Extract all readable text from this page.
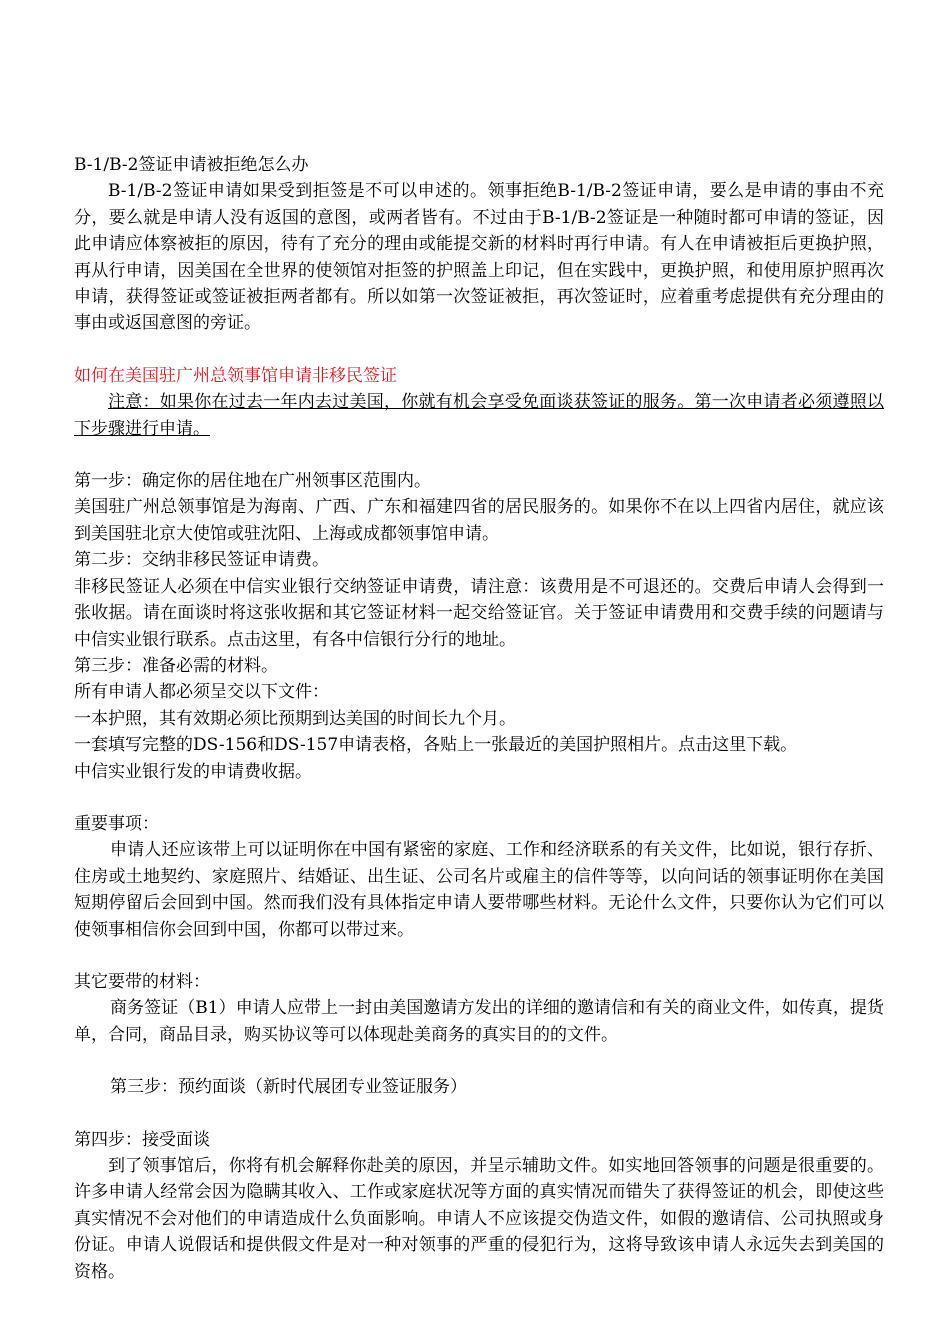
B-1/B-2签证申请被拒绝怎么办

B-1/B-2签证申请如果受到拒签是不可以申述的。领事拒绝B-1/B-2签证申请，要么是申请的事由不充分，要么就是申请人没有返国的意图，或两者皆有。不过由于B-1/B-2签证是一种随时都可申请的签证，因此申请应体察被拒的原因，待有了充分的理由或能提交新的材料时再行申请。有人在申请被拒后更换护照，再从行申请，因美国在全世界的使领馆对拒签的护照盖上印记，但在实践中，更换护照，和使用原护照再次申请，获得签证或签证被拒两者都有。所以如第一次签证被拒，再次签证时，应着重考虑提供有充分理由的事由或返国意图的旁证。

如何在美国驻广州总领事馆申请非移民签证

注意：如果你在过去一年内去过美国，你就有机会享受免面谈获签证的服务。第一次申请者必须遵照以下步骤进行申请。

第一步：确定你的居住地在广州领事区范围内。

美国驻广州总领事馆是为海南、广西、广东和福建四省的居民服务的。如果你不在以上四省内居住，就应该到美国驻北京大使馆或驻沈阳、上海或成都领事馆申请。

第二步：交纳非移民签证申请费。

非移民签证人必须在中信实业银行交纳签证申请费，请注意：该费用是不可退还的。交费后申请人会得到一张收据。请在面谈时将这张收据和其它签证材料一起交给签证官。关于签证申请费用和交费手续的问题请与中信实业银行联系。点击这里，有各中信银行分行的地址。

第三步：准备必需的材料。

所有申请人都必须呈交以下文件：

一本护照，其有效期必须比预期到达美国的时间长九个月。

一套填写完整的DS-156和DS-157申请表格，各贴上一张最近的美国护照相片。点击这里下载。

中信实业银行发的申请费收据。

重要事项：

申请人还应该带上可以证明你在中国有紧密的家庭、工作和经济联系的有关文件，比如说，银行存折、住房或土地契约、家庭照片、结婚证、出生证、公司名片或雇主的信件等等，以向问话的领事证明你在美国短期停留后会回到中国。然而我们没有具体指定申请人要带哪些材料。无论什么文件，只要你认为它们可以使领事相信你会回到中国，你都可以带过来。

其它要带的材料：

商务签证（B1）申请人应带上一封由美国邀请方发出的详细的邀请信和有关的商业文件，如传真，提货单，合同，商品目录，购买协议等可以体现赴美商务的真实目的的文件。

第三步：预约面谈（新时代展团专业签证服务）

第四步：接受面谈

到了领事馆后，你将有机会解释你赴美的原因，并呈示辅助文件。如实地回答领事的问题是很重要的。许多申请人经常会因为隐瞒其收入、工作或家庭状况等方面的真实情况而错失了获得签证的机会，即使这些真实情况不会对他们的申请造成什么负面影响。申请人不应该提交伪造文件，如假的邀请信、公司执照或身份证。申请人说假话和提供假文件是对一种对领事的严重的侵犯行为，这将导致该申请人永远失去到美国的资格。
